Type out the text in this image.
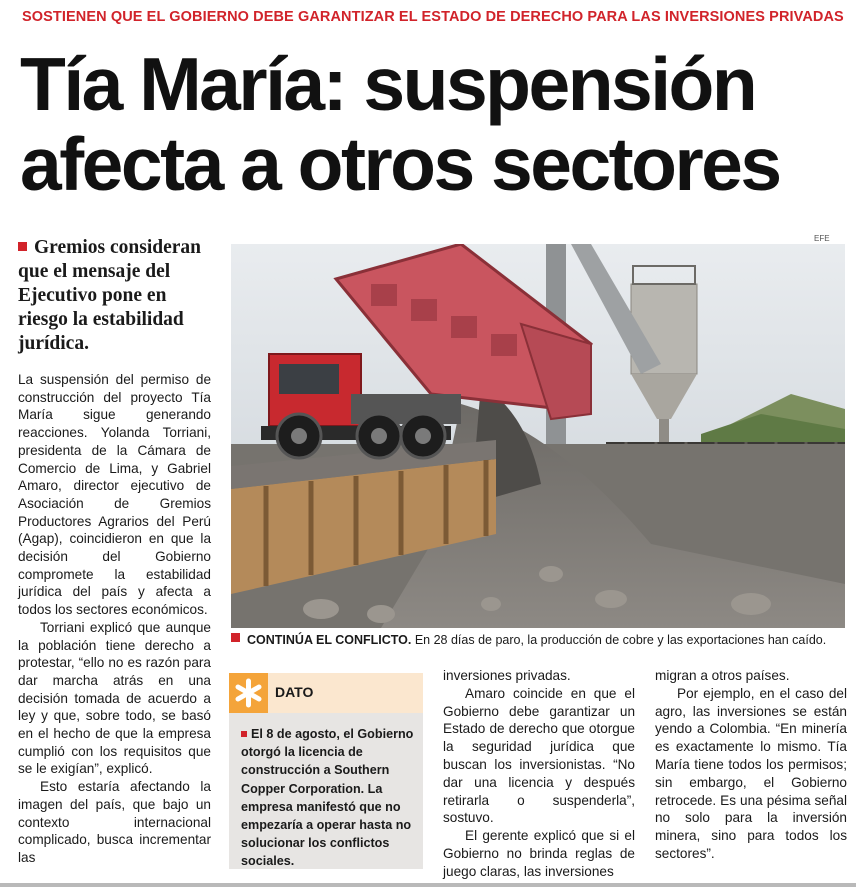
SOSTIENEN QUE EL GOBIERNO DEBE GARANTIZAR EL ESTADO DE DERECHO PARA LAS INVERSIONES PRIVADAS
Tía María: suspensión afecta a otros sectores
Gremios consideran que el mensaje del Ejecutivo pone en riesgo la estabilidad jurídica.

La suspensión del permiso de construcción del proyecto Tía María sigue generando reacciones. Yolanda Torriani, presidenta de la Cámara de Comercio de Lima, y Gabriel Amaro, director ejecutivo de Asociación de Gremios Productores Agrarios del Perú (Agap), coincidieron en que la decisión del Gobierno compromete la estabilidad jurídica del país y afecta a todos los sectores económicos.

Torriani explicó que aunque la población tiene derecho a protestar, “ello no es razón para dar marcha atrás en una decisión tomada de acuerdo a ley y que, sobre todo, se basó en el hecho de que la empresa cumplió con los requisitos que se le exigían”, explicó.

Esto estaría afectando la imagen del país, que bajo un contexto internacional complicado, busca incrementar las

EFE
CONTINÚA EL CONFLICTO. En 28 días de paro, la producción de cobre y las exportaciones han caído.
DATO
El 8 de agosto, el Gobierno otorgó la licencia de construcción a Southern Copper Corporation. La empresa manifestó que no empezaría a operar hasta no solucionar los conflictos sociales.

inversiones privadas.

Amaro coincide en que el Gobierno debe garantizar un Estado de derecho que otorgue la seguridad jurídica que buscan los inversionistas. “No dar una licencia y después retirarla o suspenderla”, sostuvo.

El gerente explicó que si el Gobierno no brinda reglas de juego claras, las inversiones

migran a otros países.

Por ejemplo, en el caso del agro, las inversiones se están yendo a Colombia. “En minería es exactamente lo mismo. Tía María tiene todos los permisos; sin embargo, el Gobierno retrocede. Es una pésima señal no solo para la inversión minera, sino para todos los sectores”.
